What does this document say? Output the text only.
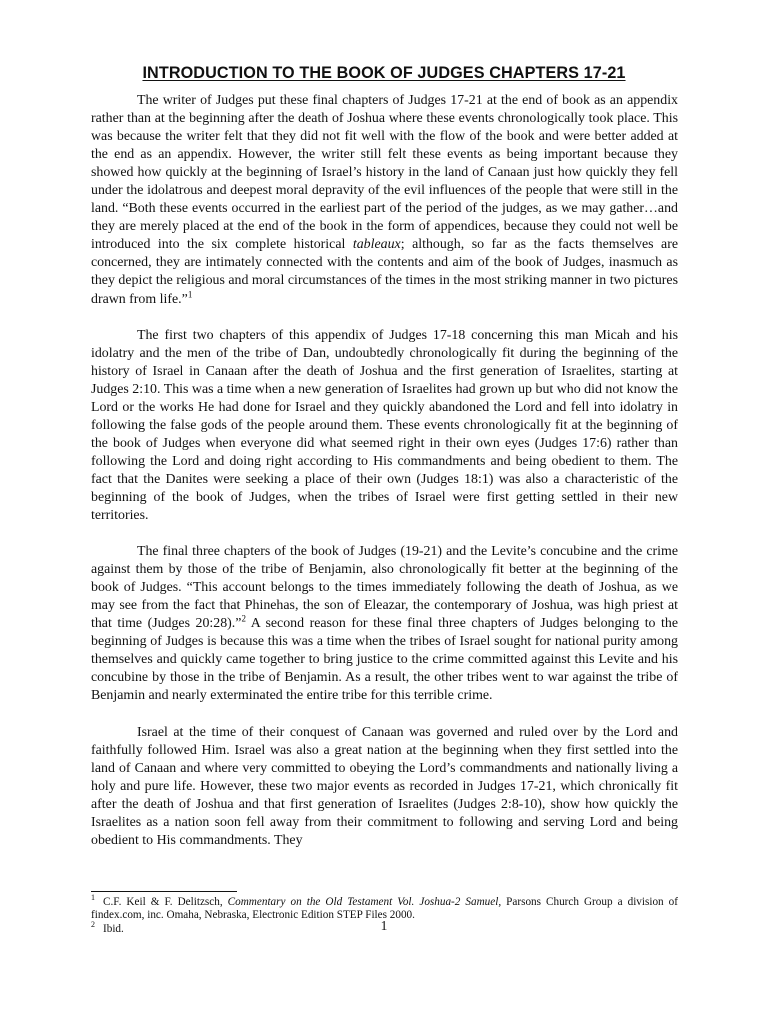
INTRODUCTION TO THE BOOK OF JUDGES CHAPTERS 17-21

The writer of Judges put these final chapters of Judges 17-21 at the end of book as an appendix rather than at the beginning after the death of Joshua where these events chronologically took place. This was because the writer felt that they did not fit well with the flow of the book and were better added at the end as an appendix. However, the writer still felt these events as being important because they showed how quickly at the beginning of Israel’s history in the land of Canaan just how quickly they fell under the idolatrous and deepest moral depravity of the evil influences of the people that were still in the land. “Both these events occurred in the earliest part of the period of the judges, as we may gather…and they are merely placed at the end of the book in the form of appendices, because they could not well be introduced into the six complete historical tableaux; although, so far as the facts themselves are concerned, they are intimately connected with the contents and aim of the book of Judges, inasmuch as they depict the religious and moral circumstances of the times in the most striking manner in two pictures drawn from life.”$^1$

The first two chapters of this appendix of Judges 17-18 concerning this man Micah and his idolatry and the men of the tribe of Dan, undoubtedly chronologically fit during the beginning of the history of Israel in Canaan after the death of Joshua and the first generation of Israelites, starting at Judges 2:10. This was a time when a new generation of Israelites had grown up but who did not know the Lord or the works He had done for Israel and they quickly abandoned the Lord and fell into idolatry in following the false gods of the people around them. These events chronologically fit at the beginning of the book of Judges when everyone did what seemed right in their own eyes (Judges 17:6) rather than following the Lord and doing right according to His commandments and being obedient to them. The fact that the Danites were seeking a place of their own (Judges 18:1) was also a characteristic of the beginning of the book of Judges, when the tribes of Israel were first getting settled in their new territories.

The final three chapters of the book of Judges (19-21) and the Levite’s concubine and the crime against them by those of the tribe of Benjamin, also chronologically fit better at the beginning of the book of Judges. “This account belongs to the times immediately following the death of Joshua, as we may see from the fact that Phinehas, the son of Eleazar, the contemporary of Joshua, was high priest at that time (Judges 20:28).”$^2$ A second reason for these final three chapters of Judges belonging to the beginning of Judges is because this was a time when the tribes of Israel sought for national purity among themselves and quickly came together to bring justice to the crime committed against this Levite and his concubine by those in the tribe of Benjamin. As a result, the other tribes went to war against the tribe of Benjamin and nearly exterminated the entire tribe for this terrible crime.

Israel at the time of their conquest of Canaan was governed and ruled over by the Lord and faithfully followed Him. Israel was also a great nation at the beginning when they first settled into the land of Canaan and where very committed to obeying the Lord’s commandments and nationally living a holy and pure life. However, these two major events as recorded in Judges 17-21, which chronically fit after the death of Joshua and that first generation of Israelites (Judges 2:8-10), show how quickly the Israelites as a nation soon fell away from their commitment to following and serving Lord and being obedient to His commandments. They

$^1$ C.F. Keil & F. Delitzsch, Commentary on the Old Testament Vol. Joshua-2 Samuel, Parsons Church Group a division of findex.com, inc. Omaha, Nebraska, Electronic Edition STEP Files 2000.

$^2$ Ibid.	1
